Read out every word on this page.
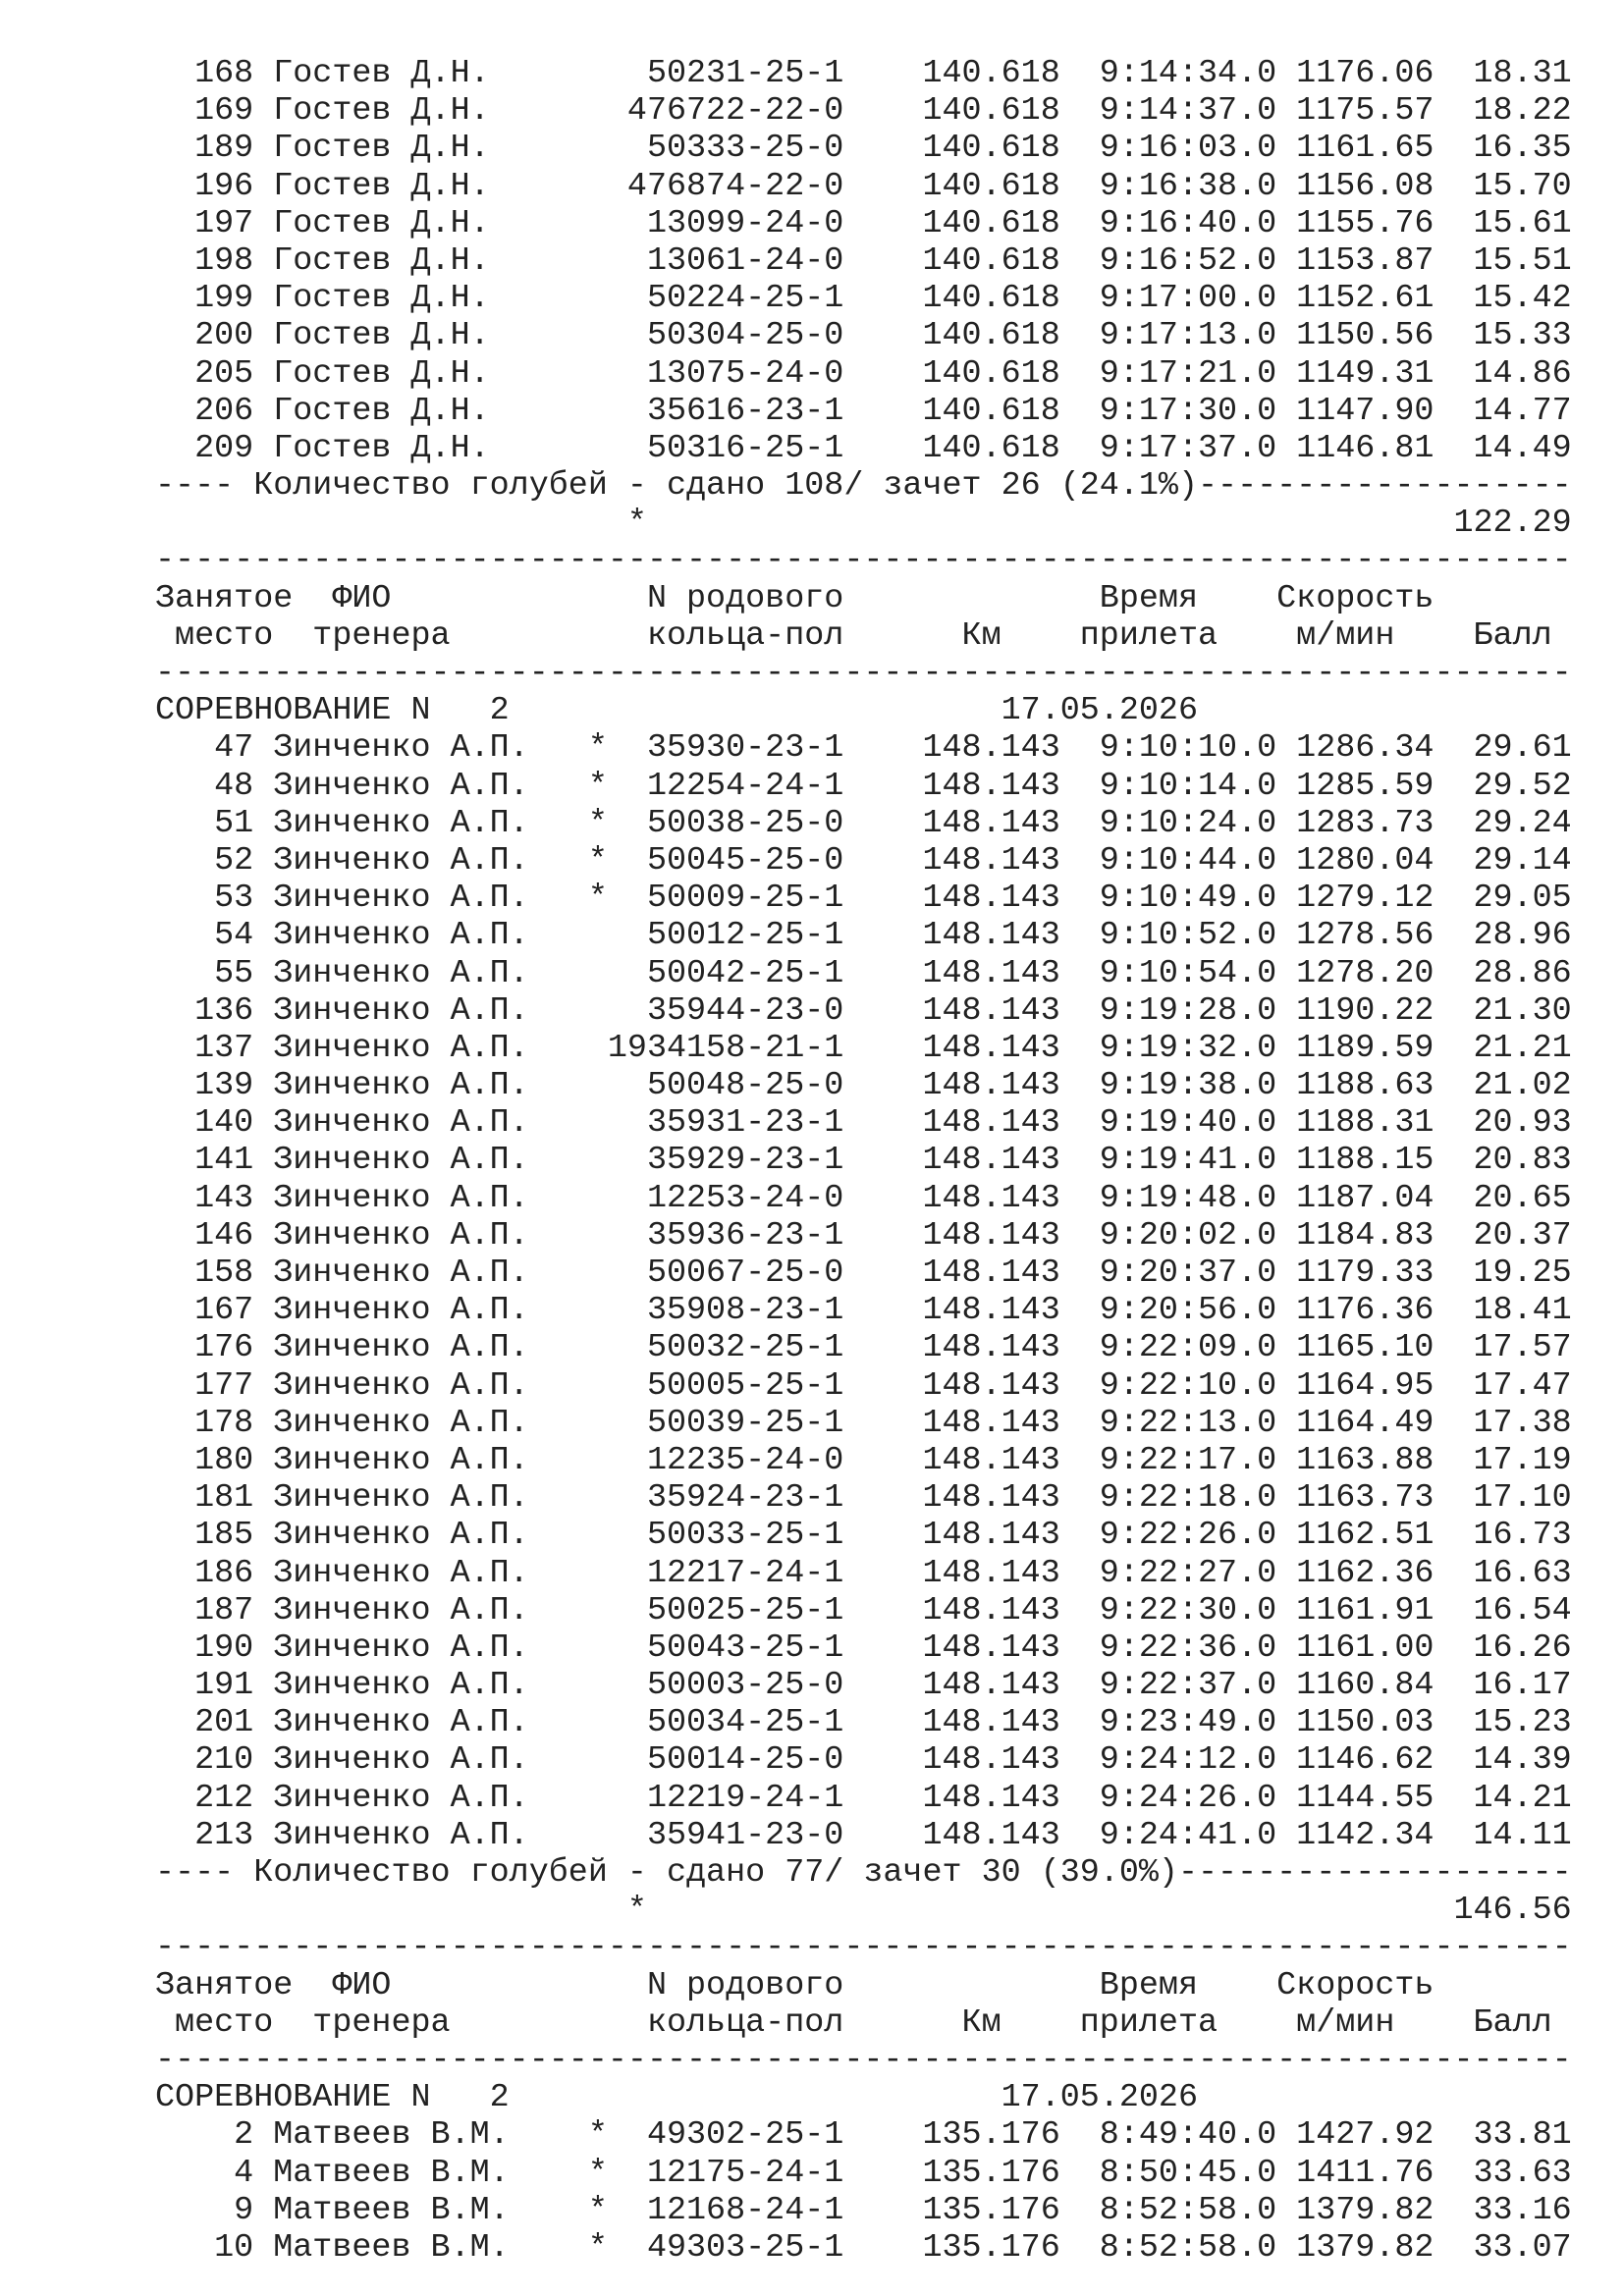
168 Гостев Д.Н.        50231-25-1    140.618  9:14:34.0 1176.06  18.31
169 Гостев Д.Н.       476722-22-0    140.618  9:14:37.0 1175.57  18.22
189 Гостев Д.Н.        50333-25-0    140.618  9:16:03.0 1161.65  16.35
196 Гостев Д.Н.       476874-22-0    140.618  9:16:38.0 1156.08  15.70
197 Гостев Д.Н.        13099-24-0    140.618  9:16:40.0 1155.76  15.61
198 Гостев Д.Н.        13061-24-0    140.618  9:16:52.0 1153.87  15.51
199 Гостев Д.Н.        50224-25-1    140.618  9:17:00.0 1152.61  15.42
200 Гостев Д.Н.        50304-25-0    140.618  9:17:13.0 1150.56  15.33
205 Гостев Д.Н.        13075-24-0    140.618  9:17:21.0 1149.31  14.86
206 Гостев Д.Н.        35616-23-1    140.618  9:17:30.0 1147.90  14.77
209 Гостев Д.Н.        50316-25-1    140.618  9:17:37.0 1146.81  14.49
---- Количество голубей - сдано 108/ зачет 26 (24.1%)-------------------
*                                         122.29
------------------------------------------------------------------------
Занятое  ФИО             N родового             Время    Скорость
место  тренера          кольца-пол      Км    прилета    м/мин    Балл
------------------------------------------------------------------------
СОРЕВНОВАНИЕ N   2                         17.05.2026
47 Зинченко А.П.   *  35930-23-1    148.143  9:10:10.0 1286.34  29.61
48 Зинченко А.П.   *  12254-24-1    148.143  9:10:14.0 1285.59  29.52
51 Зинченко А.П.   *  50038-25-0    148.143  9:10:24.0 1283.73  29.24
52 Зинченко А.П.   *  50045-25-0    148.143  9:10:44.0 1280.04  29.14
53 Зинченко А.П.   *  50009-25-1    148.143  9:10:49.0 1279.12  29.05
54 Зинченко А.П.      50012-25-1    148.143  9:10:52.0 1278.56  28.96
55 Зинченко А.П.      50042-25-1    148.143  9:10:54.0 1278.20  28.86
136 Зинченко А.П.      35944-23-0    148.143  9:19:28.0 1190.22  21.30
137 Зинченко А.П.    1934158-21-1    148.143  9:19:32.0 1189.59  21.21
139 Зинченко А.П.      50048-25-0    148.143  9:19:38.0 1188.63  21.02
140 Зинченко А.П.      35931-23-1    148.143  9:19:40.0 1188.31  20.93
141 Зинченко А.П.      35929-23-1    148.143  9:19:41.0 1188.15  20.83
143 Зинченко А.П.      12253-24-0    148.143  9:19:48.0 1187.04  20.65
146 Зинченко А.П.      35936-23-1    148.143  9:20:02.0 1184.83  20.37
158 Зинченко А.П.      50067-25-0    148.143  9:20:37.0 1179.33  19.25
167 Зинченко А.П.      35908-23-1    148.143  9:20:56.0 1176.36  18.41
176 Зинченко А.П.      50032-25-1    148.143  9:22:09.0 1165.10  17.57
177 Зинченко А.П.      50005-25-1    148.143  9:22:10.0 1164.95  17.47
178 Зинченко А.П.      50039-25-1    148.143  9:22:13.0 1164.49  17.38
180 Зинченко А.П.      12235-24-0    148.143  9:22:17.0 1163.88  17.19
181 Зинченко А.П.      35924-23-1    148.143  9:22:18.0 1163.73  17.10
185 Зинченко А.П.      50033-25-1    148.143  9:22:26.0 1162.51  16.73
186 Зинченко А.П.      12217-24-1    148.143  9:22:27.0 1162.36  16.63
187 Зинченко А.П.      50025-25-1    148.143  9:22:30.0 1161.91  16.54
190 Зинченко А.П.      50043-25-1    148.143  9:22:36.0 1161.00  16.26
191 Зинченко А.П.      50003-25-0    148.143  9:22:37.0 1160.84  16.17
201 Зинченко А.П.      50034-25-1    148.143  9:23:49.0 1150.03  15.23
210 Зинченко А.П.      50014-25-0    148.143  9:24:12.0 1146.62  14.39
212 Зинченко А.П.      12219-24-1    148.143  9:24:26.0 1144.55  14.21
213 Зинченко А.П.      35941-23-0    148.143  9:24:41.0 1142.34  14.11
---- Количество голубей - сдано 77/ зачет 30 (39.0%)--------------------
*                                         146.56
------------------------------------------------------------------------
Занятое  ФИО             N родового             Время    Скорость
место  тренера          кольца-пол      Км    прилета    м/мин    Балл
------------------------------------------------------------------------
СОРЕВНОВАНИЕ N   2                         17.05.2026
2 Матвеев В.М.    *  49302-25-1    135.176  8:49:40.0 1427.92  33.81
4 Матвеев В.М.    *  12175-24-1    135.176  8:50:45.0 1411.76  33.63
9 Матвеев В.М.    *  12168-24-1    135.176  8:52:58.0 1379.82  33.16
10 Матвеев В.М.    *  49303-25-1    135.176  8:52:58.0 1379.82  33.07
